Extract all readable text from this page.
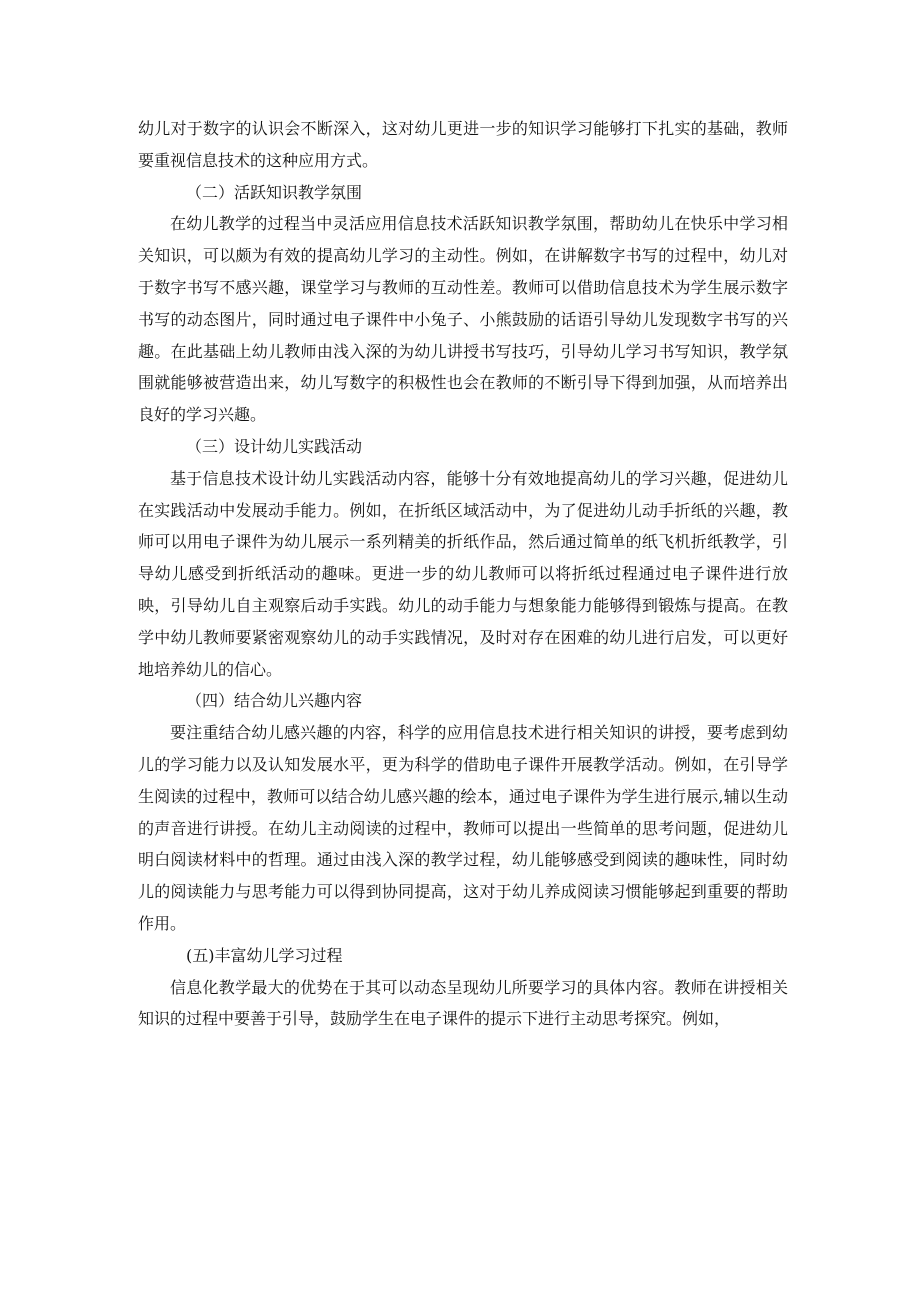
幼儿对于数字的认识会不断深入，这对幼儿更进一步的知识学习能够打下扎实的基础，教师要重视信息技术的这种应用方式。

（二）活跃知识教学氛围

在幼儿教学的过程当中灵活应用信息技术活跃知识教学氛围，帮助幼儿在快乐中学习相关知识，可以颇为有效的提高幼儿学习的主动性。例如，在讲解数字书写的过程中，幼儿对于数字书写不感兴趣，课堂学习与教师的互动性差。教师可以借助信息技术为学生展示数字书写的动态图片，同时通过电子课件中小兔子、小熊鼓励的话语引导幼儿发现数字书写的兴趣。在此基础上幼儿教师由浅入深的为幼儿讲授书写技巧，引导幼儿学习书写知识，教学氛围就能够被营造出来，幼儿写数字的积极性也会在教师的不断引导下得到加强，从而培养出良好的学习兴趣。

（三）设计幼儿实践活动

基于信息技术设计幼儿实践活动内容，能够十分有效地提高幼儿的学习兴趣，促进幼儿在实践活动中发展动手能力。例如，在折纸区域活动中，为了促进幼儿动手折纸的兴趣，教师可以用电子课件为幼儿展示一系列精美的折纸作品，然后通过简单的纸飞机折纸教学，引导幼儿感受到折纸活动的趣味。更进一步的幼儿教师可以将折纸过程通过电子课件进行放映，引导幼儿自主观察后动手实践。幼儿的动手能力与想象能力能够得到锻炼与提高。在教学中幼儿教师要紧密观察幼儿的动手实践情况，及时对存在困难的幼儿进行启发，可以更好地培养幼儿的信心。

（四）结合幼儿兴趣内容

要注重结合幼儿感兴趣的内容，科学的应用信息技术进行相关知识的讲授，要考虑到幼儿的学习能力以及认知发展水平，更为科学的借助电子课件开展教学活动。例如，在引导学生阅读的过程中，教师可以结合幼儿感兴趣的绘本，通过电子课件为学生进行展示,辅以生动的声音进行讲授。在幼儿主动阅读的过程中，教师可以提出一些简单的思考问题，促进幼儿明白阅读材料中的哲理。通过由浅入深的教学过程，幼儿能够感受到阅读的趣味性，同时幼儿的阅读能力与思考能力可以得到协同提高，这对于幼儿养成阅读习惯能够起到重要的帮助作用。

(五)丰富幼儿学习过程

信息化教学最大的优势在于其可以动态呈现幼儿所要学习的具体内容。教师在讲授相关知识的过程中要善于引导，鼓励学生在电子课件的提示下进行主动思考探究。例如，
